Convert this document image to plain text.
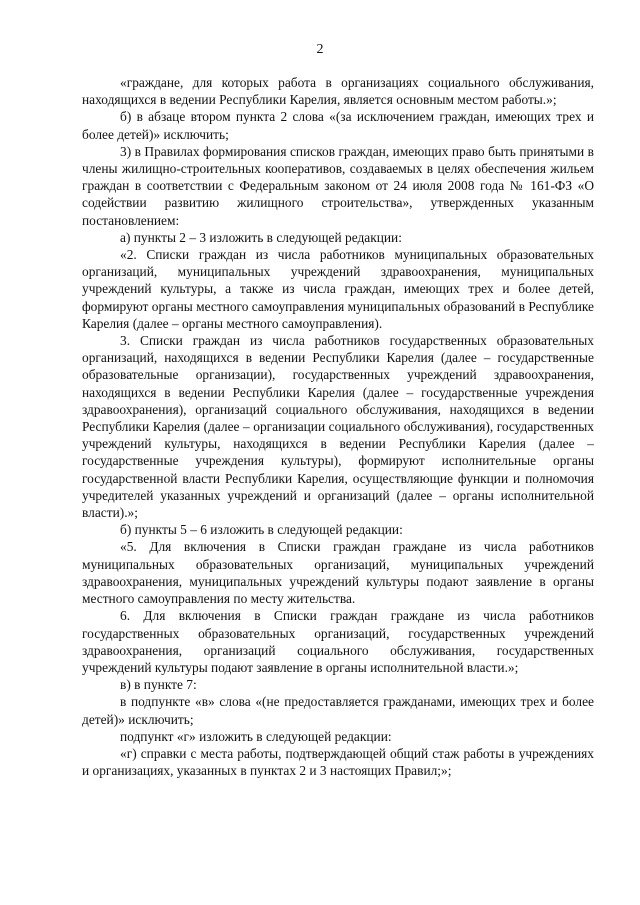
2

«граждане, для которых работа в организациях социального обслуживания, находящихся в ведении Республики Карелия, является основным местом работы.»;

б) в абзаце втором пункта 2 слова «(за исключением граждан, имеющих трех и более детей)» исключить;

3) в Правилах формирования списков граждан, имеющих право быть принятыми в члены жилищно-строительных кооперативов, создаваемых в целях обеспечения жильем граждан в соответствии с Федеральным законом от 24 июля 2008 года № 161-ФЗ «О содействии развитию жилищного строительства», утвержденных указанным постановлением:

а) пункты 2 – 3 изложить в следующей редакции:

«2. Списки граждан из числа работников муниципальных образовательных организаций, муниципальных учреждений здравоохранения, муниципальных учреждений культуры, а также из числа граждан, имеющих трех и более детей, формируют органы местного самоуправления муниципальных образований в Республике Карелия (далее – органы местного самоуправления).

3. Списки граждан из числа работников государственных образовательных организаций, находящихся в ведении Республики Карелия (далее – государственные образовательные организации), государственных учреждений здравоохранения, находящихся в ведении Республики Карелия (далее – государственные учреждения здравоохранения), организаций социального обслуживания, находящихся в ведении Республики Карелия (далее – организации социального обслуживания), государственных учреждений культуры, находящихся в ведении Республики Карелия (далее – государственные учреждения культуры), формируют исполнительные органы государственной власти Республики Карелия, осуществляющие функции и полномочия учредителей указанных учреждений и организаций (далее – органы исполнительной власти).»;

б) пункты 5 – 6 изложить в следующей редакции:

«5. Для включения в Списки граждан граждане из числа работников муниципальных образовательных организаций, муниципальных учреждений здравоохранения, муниципальных учреждений культуры подают заявление в органы местного самоуправления по месту жительства.

6. Для включения в Списки граждан граждане из числа работников государственных образовательных организаций, государственных учреждений здравоохранения, организаций социального обслуживания, государственных учреждений культуры подают заявление в органы исполнительной власти.»;

в) в пункте 7:

в подпункте «в» слова «(не предоставляется гражданами, имеющих трех и более детей)» исключить;

подпункт «г» изложить в следующей редакции:

«г) справки с места работы, подтверждающей общий стаж работы в учреждениях и организациях, указанных в пунктах 2 и 3 настоящих Правил;»;
